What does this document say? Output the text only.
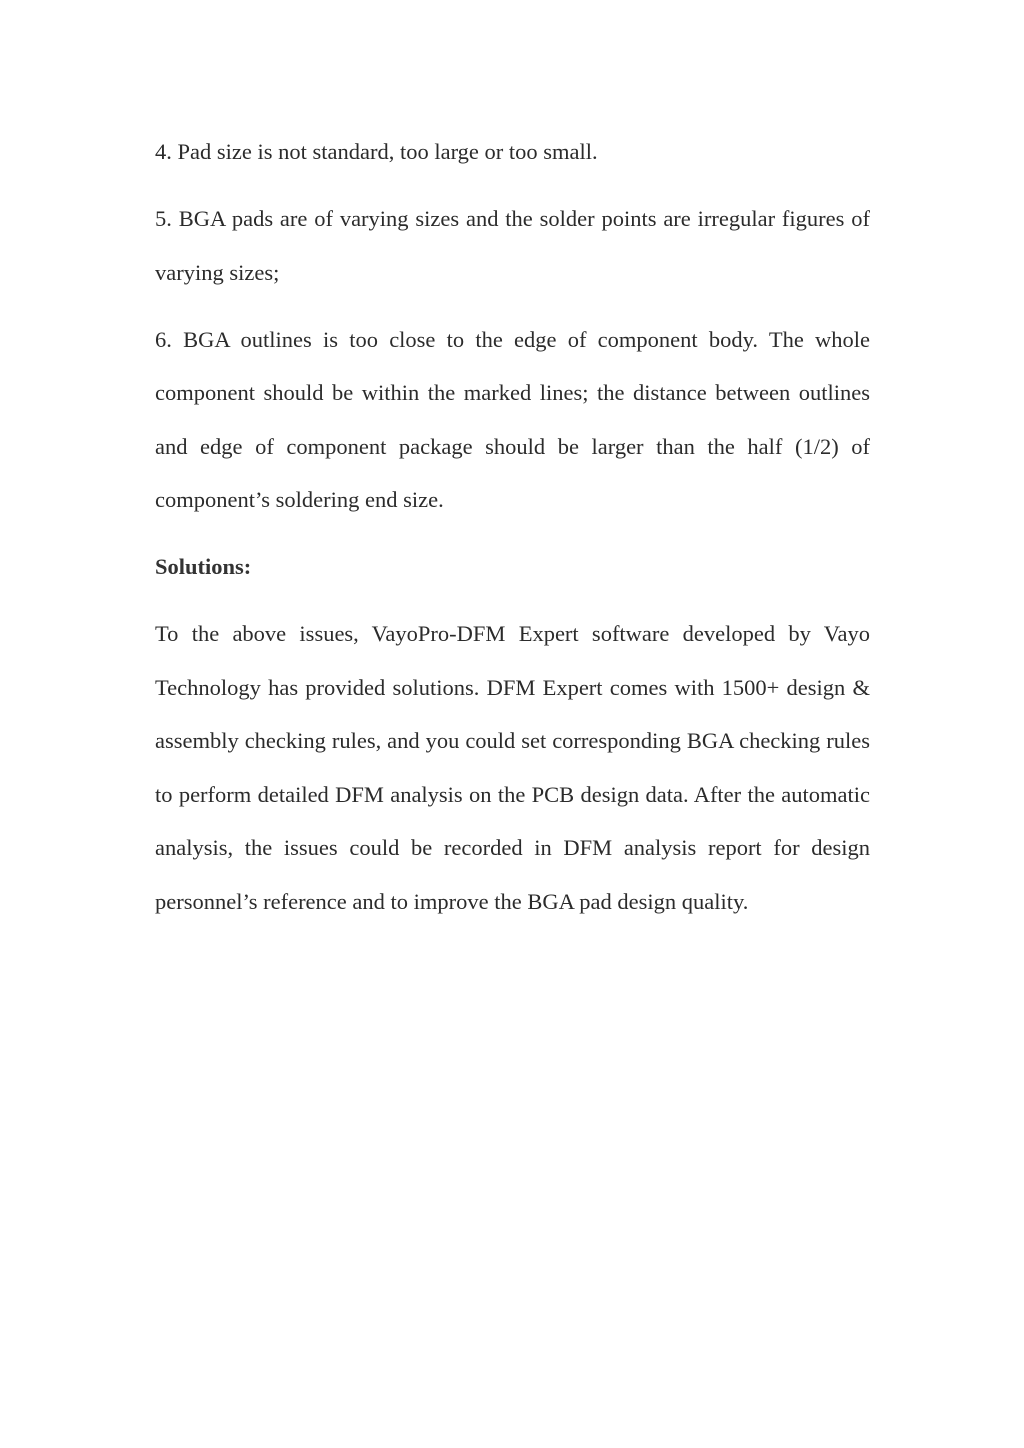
4. Pad size is not standard, too large or too small.

5. BGA pads are of varying sizes and the solder points are irregular figures of varying sizes;

6. BGA outlines is too close to the edge of component body. The whole component should be within the marked lines; the distance between outlines and edge of component package should be larger than the half (1/2) of component’s soldering end size.

Solutions:

To the above issues, VayoPro-DFM Expert software developed by Vayo Technology has provided solutions. DFM Expert comes with 1500+ design & assembly checking rules, and you could set corresponding BGA checking rules to perform detailed DFM analysis on the PCB design data. After the automatic analysis, the issues could be recorded in DFM analysis report for design personnel’s reference and to improve the BGA pad design quality.
